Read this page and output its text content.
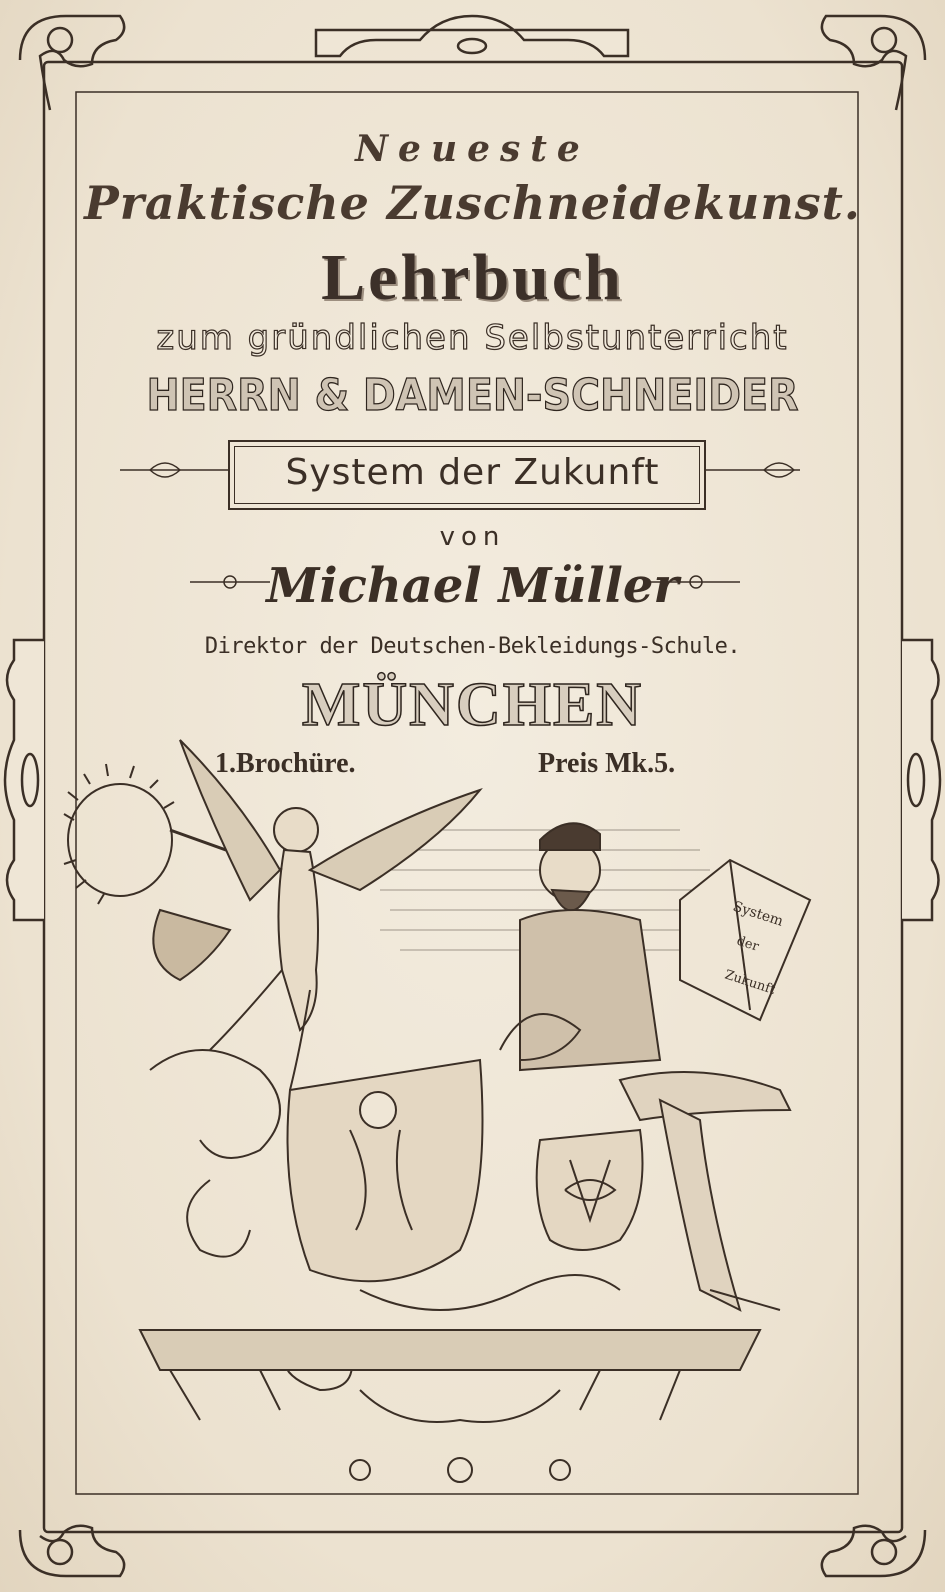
Neueste
Praktische Zuschneidekunst.
Lehrbuch
zum gründlichen Selbstunterricht
HERRN & DAMEN-SCHNEIDER
System der Zukunft
von
Michael Müller
Direktor der Deutschen-Bekleidungs-Schule.
MÜNCHEN
1.Brochüre.	Preis Mk.5.
System
der
Zukunft
